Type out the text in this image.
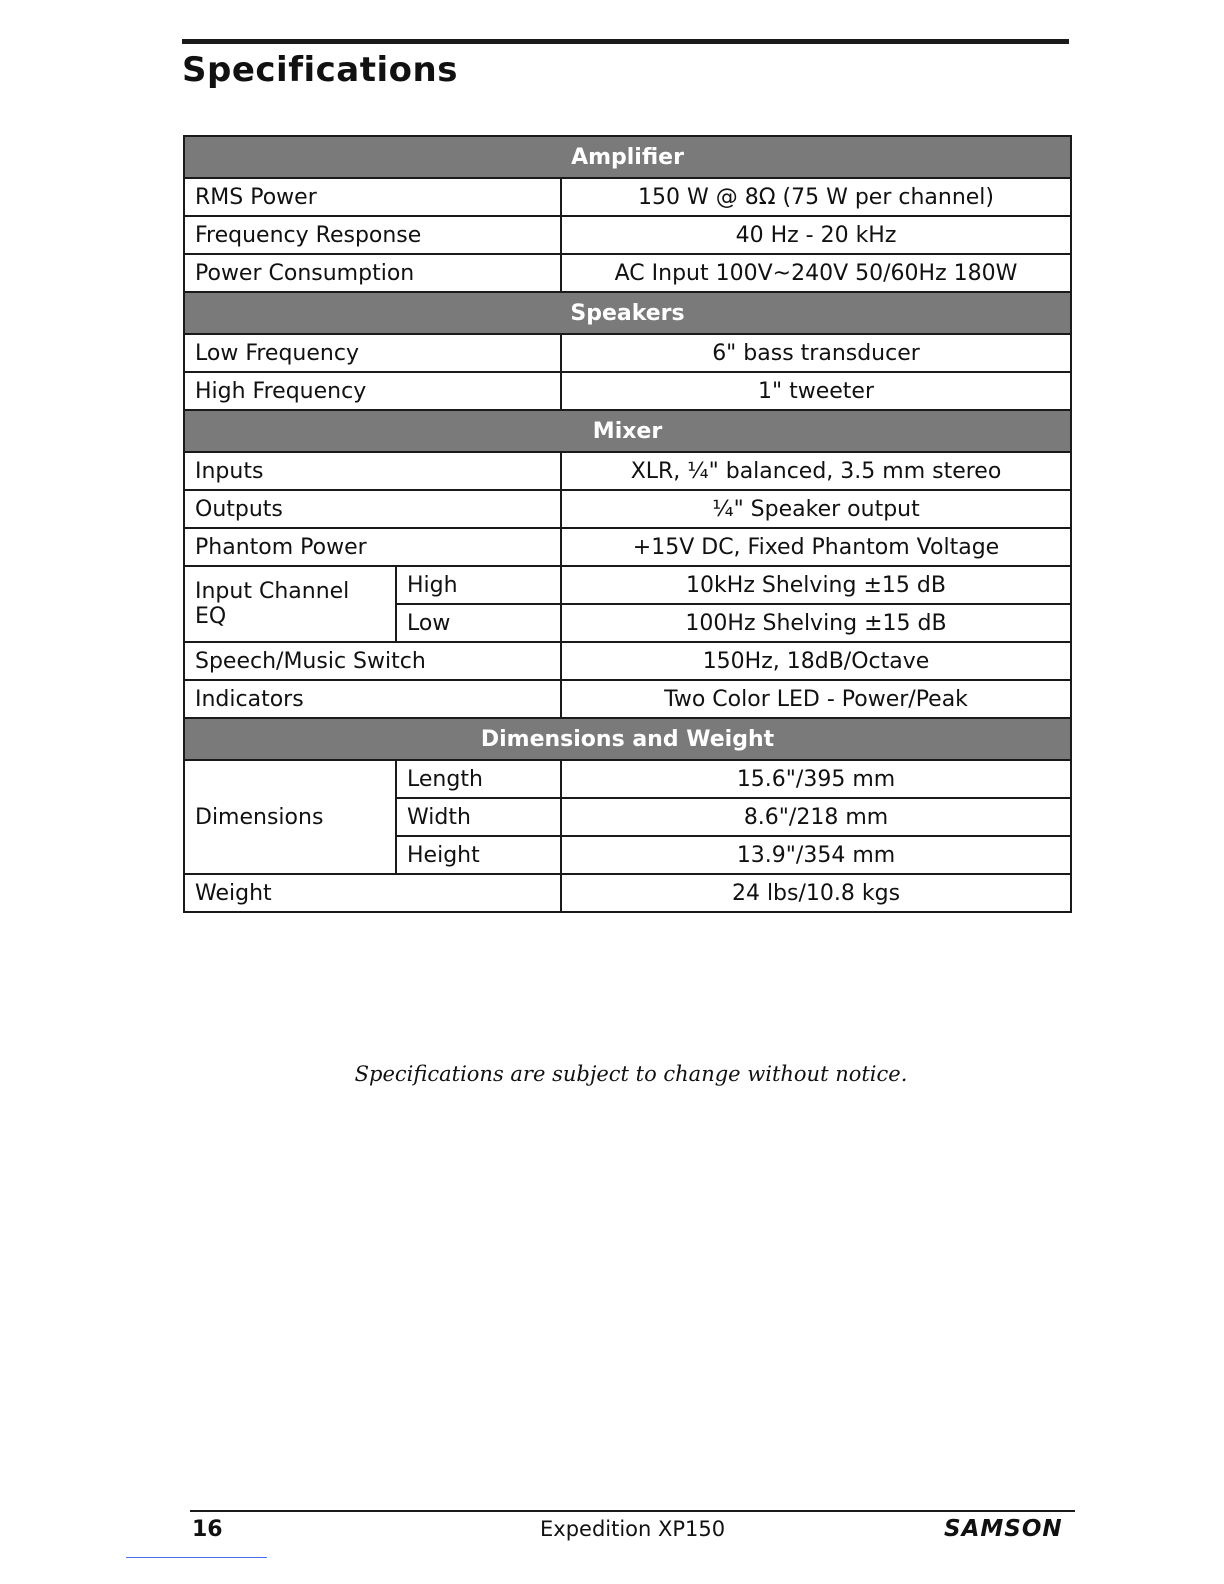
Specifications
Amplifier		
RMS Power		150 W @ 8Ω (75 W per channel)
Frequency Response		40 Hz - 20 kHz
Power Consumption		AC Input 100V~240V 50/60Hz 180W
Speakers		
Low Frequency		6" bass transducer
High Frequency		1" tweeter
Mixer		
Inputs		XLR, ¼" balanced, 3.5 mm stereo
Outputs		¼" Speaker output
Phantom Power		+15V DC, Fixed Phantom Voltage
Input Channel EQ	High	10kHz Shelving ±15 dB
	Low	100Hz Shelving ±15 dB
Speech/Music Switch		150Hz, 18dB/Octave
Indicators		Two Color LED - Power/Peak
Dimensions and Weight		
Dimensions	Length	15.6"/395 mm
	Width	8.6"/218 mm
	Height	13.9"/354 mm
Weight		24 lbs/10.8 kgs
Specifications are subject to change without notice.
16	Expedition XP150	SAMSON
